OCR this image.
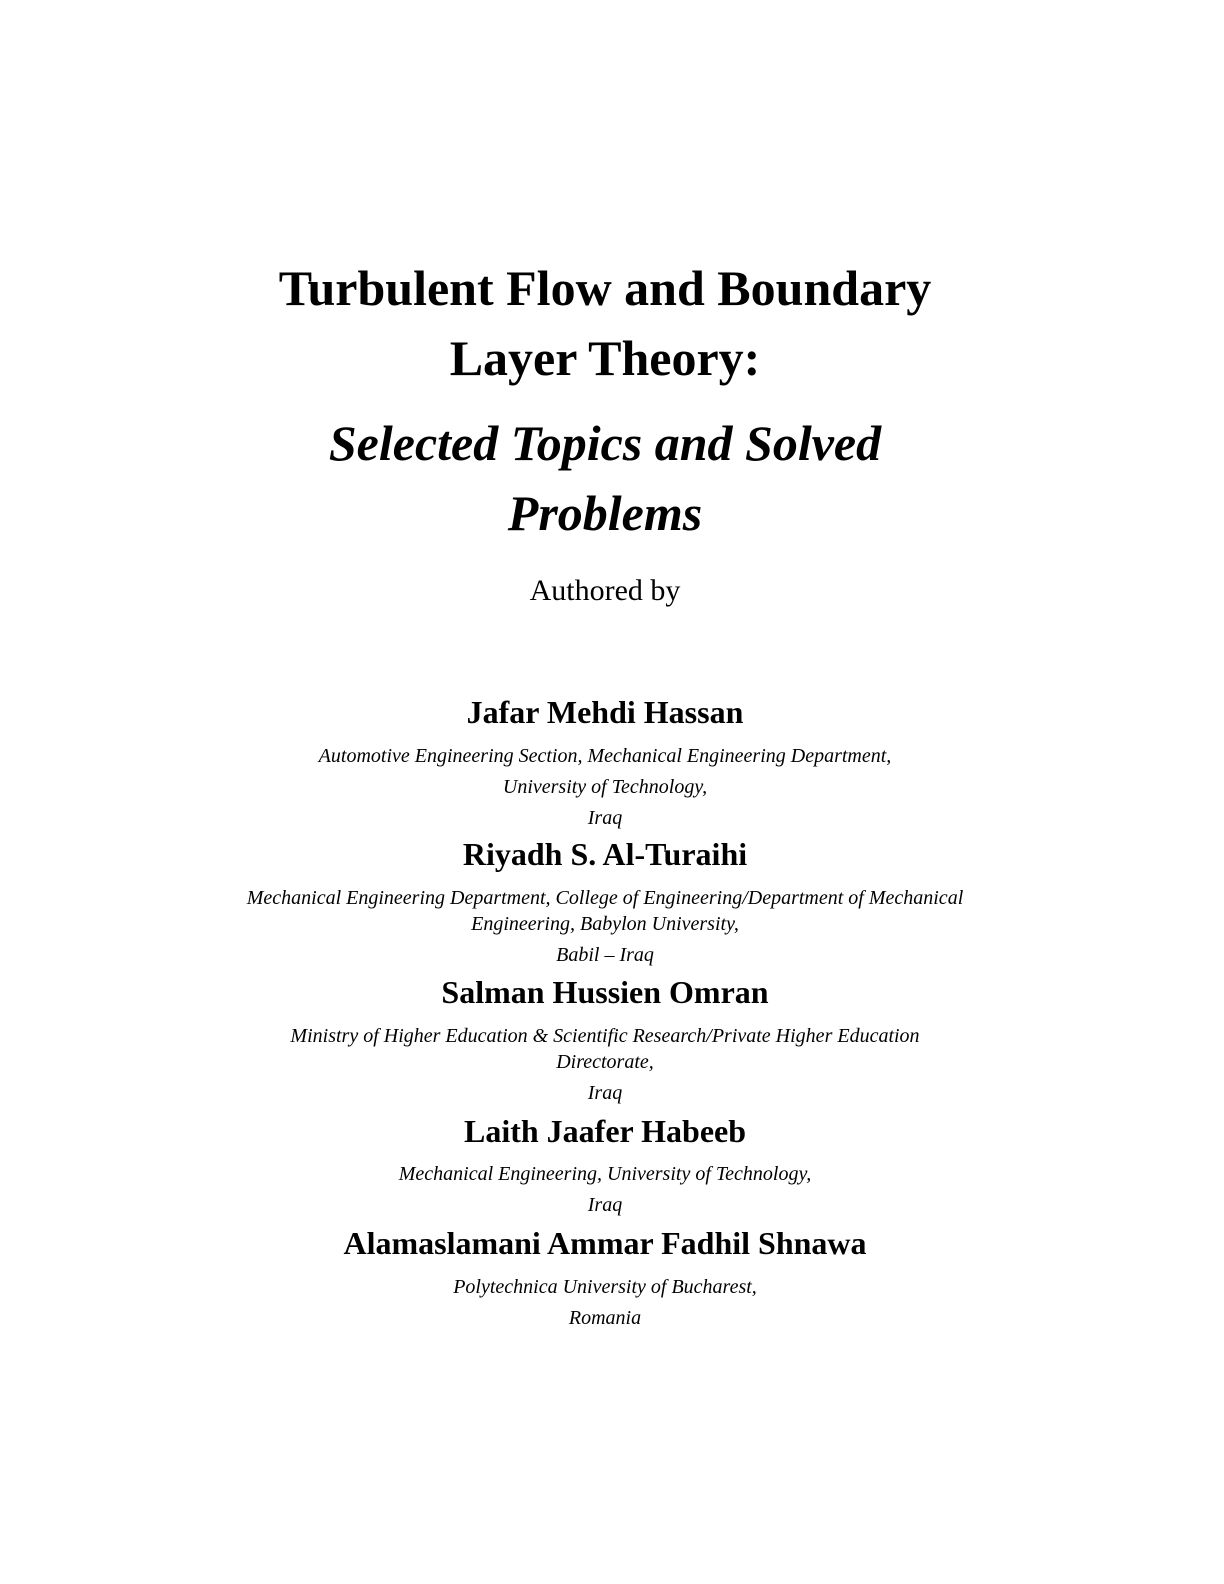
Turbulent Flow and Boundary
Layer Theory:
Selected Topics and Solved
Problems
Authored by
Jafar Mehdi Hassan
Automotive Engineering Section, Mechanical Engineering Department,
University of Technology,
Iraq
Riyadh S. Al-Turaihi
Mechanical Engineering Department, College of Engineering/Department of Mechanical
Engineering, Babylon University,
Babil – Iraq
Salman Hussien Omran
Ministry of Higher Education & Scientific Research/Private Higher Education
Directorate,
Iraq
Laith Jaafer Habeeb
Mechanical Engineering, University of Technology,
Iraq
Alamaslamani Ammar Fadhil Shnawa
Polytechnica University of Bucharest,
Romania
